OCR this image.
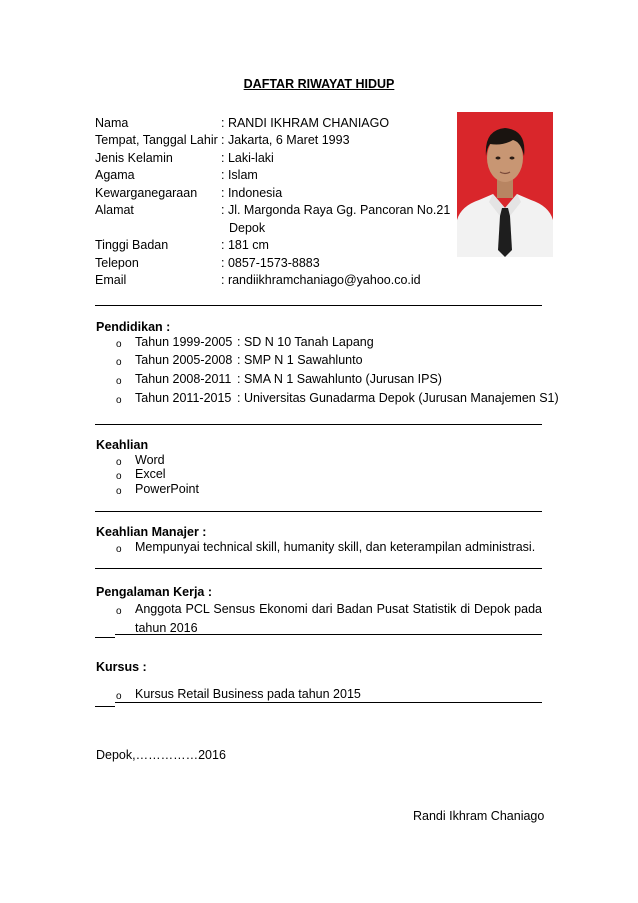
DAFTAR RIWAYAT HIDUP
Nama	: RANDI IKHRAM CHANIAGO
Tempat, Tanggal Lahir : Jakarta, 6 Maret 1993
Jenis Kelamin	: Laki-laki
Agama	: Islam
Kewarganegaraan : Indonesia
Alamat	: Jl. Margonda Raya Gg. Pancoran No.21
Depok
Tinggi Badan	: 181 cm
Telepon	: 0857-1573-8883
Email	: randiikhramchaniago@yahoo.co.id
Pendidikan :
o Tahun 1999-2005 : SD N 10 Tanah Lapang
o Tahun 2005-2008 : SMP N 1 Sawahlunto
o Tahun 2008-2011 : SMA N 1 Sawahlunto (Jurusan IPS)
o Tahun 2011-2015 : Universitas Gunadarma Depok (Jurusan Manajemen S1)
Keahlian
o Word
o Excel
o PowerPoint
Keahlian Manajer :
o Mempunyai technical skill, humanity skill, dan keterampilan administrasi.
Pengalaman Kerja :
o Anggota PCL Sensus Ekonomi dari Badan Pusat Statistik di Depok pada
tahun 2016
Kursus :
o Kursus Retail Business pada tahun 2015
Depok,……………2016
Randi Ikhram Chaniago
